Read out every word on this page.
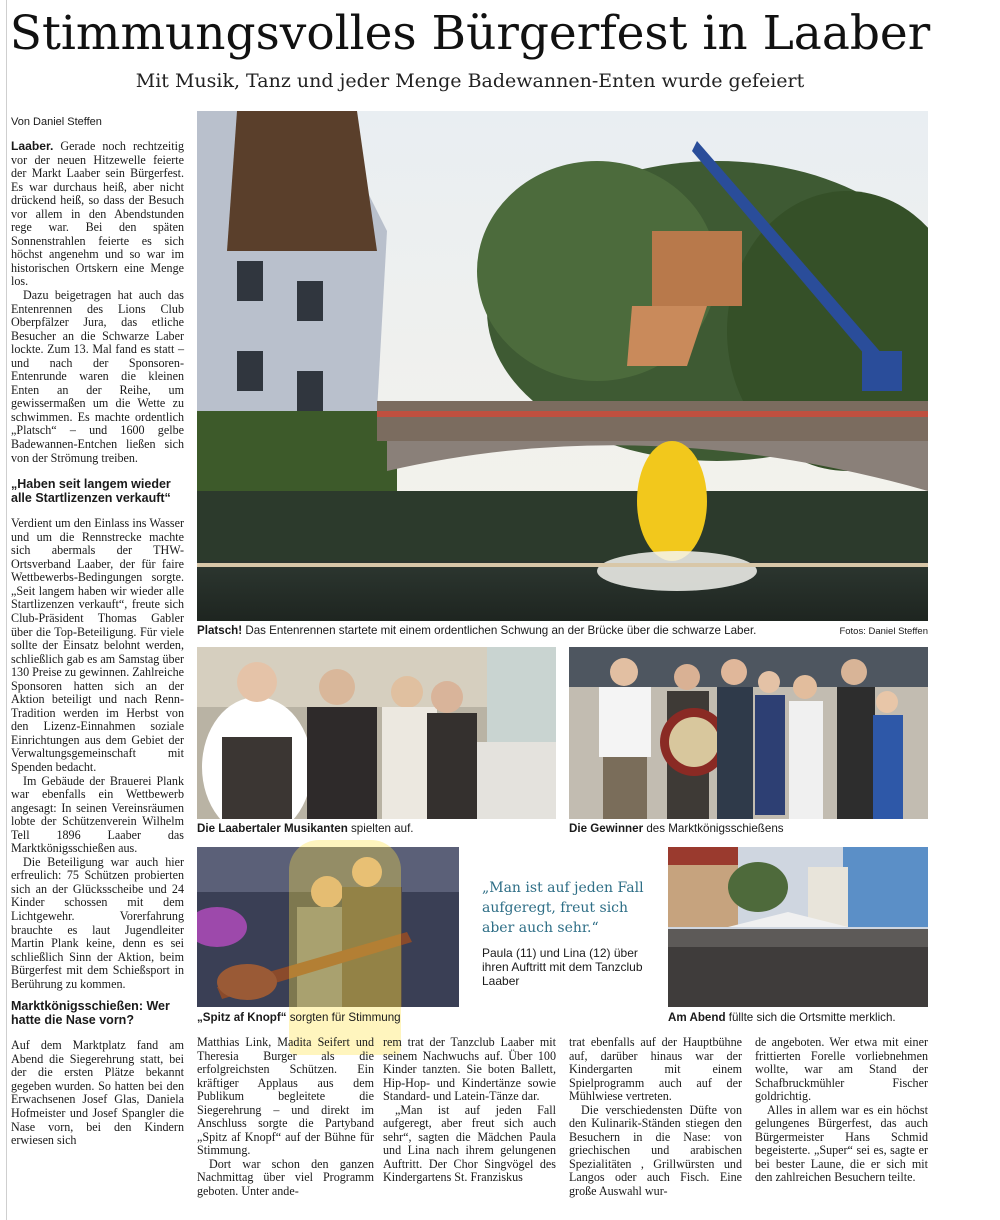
Stimmungsvolles Bürgerfest in Laaber
Mit Musik, Tanz und jeder Menge Badewannen-Enten wurde gefeiert
Von Daniel Steffen

Laaber. Gerade noch rechtzeitig vor der neuen Hitzewelle feierte der Markt Laaber sein Bürgerfest. Es war durchaus heiß, aber nicht drückend heiß, so dass der Besuch vor allem in den Abendstunden rege war. Bei den späten Sonnenstrahlen feierte es sich höchst angenehm und so war im historischen Ortskern eine Menge los.

Dazu beigetragen hat auch das Entenrennen des Lions Club Oberpfälzer Jura, das etliche Besucher an die Schwarze Laber lockte. Zum 13. Mal fand es statt – und nach der Sponsoren-Entenrunde waren die kleinen Enten an der Reihe, um gewissermaßen um die Wette zu schwimmen. Es machte ordentlich „Platsch“ – und 1600 gelbe Badewannen-Entchen ließen sich von der Strömung treiben.

„Haben seit langem wieder alle Startlizenzen verkauft“

Verdient um den Einlass ins Wasser und um die Rennstrecke machte sich abermals der THW-Ortsverband Laaber, der für faire Wettbewerbs-Bedingungen sorgte. „Seit langem haben wir wieder alle Startlizenzen verkauft“, freute sich Club-Präsident Thomas Gabler über die Top-Beteiligung. Für viele sollte der Einsatz belohnt werden, schließlich gab es am Samstag über 130 Preise zu gewinnen. Zahlreiche Sponsoren hatten sich an der Aktion beteiligt und nach Renn-Tradition werden im Herbst von den Lizenz-Einnahmen soziale Einrichtungen aus dem Gebiet der Verwaltungsgemeinschaft mit Spenden bedacht.

Im Gebäude der Brauerei Plank war ebenfalls ein Wettbewerb angesagt: In seinen Vereinsräumen lobte der Schützenverein Wilhelm Tell 1896 Laaber das Marktkönigsschießen aus.

Die Beteiligung war auch hier erfreulich: 75 Schützen probierten sich an der Glücksscheibe und 24 Kinder schossen mit dem Lichtgewehr. Vorerfahrung brauchte es laut Jugendleiter Martin Plank keine, denn es sei schließlich Sinn der Aktion, beim Bürgerfest mit dem Schießsport in Berührung zu kommen.

Marktkönigsschießen: Wer hatte die Nase vorn?

Auf dem Marktplatz fand am Abend die Siegerehrung statt, bei der die ersten Plätze bekannt gegeben wurden. So hatten bei den Erwachsenen Josef Glas, Daniela Hofmeister und Josef Spangler die Nase vorn, bei den Kindern erwiesen sich

Platsch! Das Entenrennen startete mit einem ordentlichen Schwung an der Brücke über die schwarze Laber.	Fotos: Daniel Steffen
Die Laabertaler Musikanten spielten auf.	Die Gewinner des Marktkönigsschießens
„Spitz af Knopf“ sorgten für Stimmung
„Man ist auf jeden Fall aufgeregt, freut sich aber auch sehr.“
Paula (11) und Lina (12) über ihren Auftritt mit dem Tanzclub Laaber
Am Abend füllte sich die Ortsmitte merklich.

Matthias Link, Madita Seifert und Theresia Burger als die erfolgreichsten Schützen. Ein kräftiger Applaus aus dem Publikum begleitete die Siegerehrung – und direkt im Anschluss sorgte die Partyband „Spitz af Knopf“ auf der Bühne für Stimmung.

Dort war schon den ganzen Nachmittag über viel Programm geboten. Unter ande-

rem trat der Tanzclub Laaber mit seinem Nachwuchs auf. Über 100 Kinder tanzten. Sie boten Ballett, Hip-Hop- und Kindertänze sowie Standard- und Latein-Tänze dar.

„Man ist auf jeden Fall aufgeregt, aber freut sich auch sehr“, sagten die Mädchen Paula und Lina nach ihrem gelungenen Auftritt. Der Chor Singvögel des Kindergartens St. Franziskus

trat ebenfalls auf der Hauptbühne auf, darüber hinaus war der Kindergarten mit einem Spielprogramm auch auf der Mühlwiese vertreten.

Die verschiedensten Düfte von den Kulinarik-Ständen stiegen den Besuchern in die Nase: von griechischen und arabischen Spezialitäten , Grillwürsten und Langos oder auch Fisch. Eine große Auswahl wur-

de angeboten. Wer etwa mit einer frittierten Forelle vorliebnehmen wollte, war am Stand der Schafbruckmühler Fischer goldrichtig.

Alles in allem war es ein höchst gelungenes Bürgerfest, das auch Bürgermeister Hans Schmid begeisterte. „Super“ sei es, sagte er bei bester Laune, die er sich mit den zahlreichen Besuchern teilte.
